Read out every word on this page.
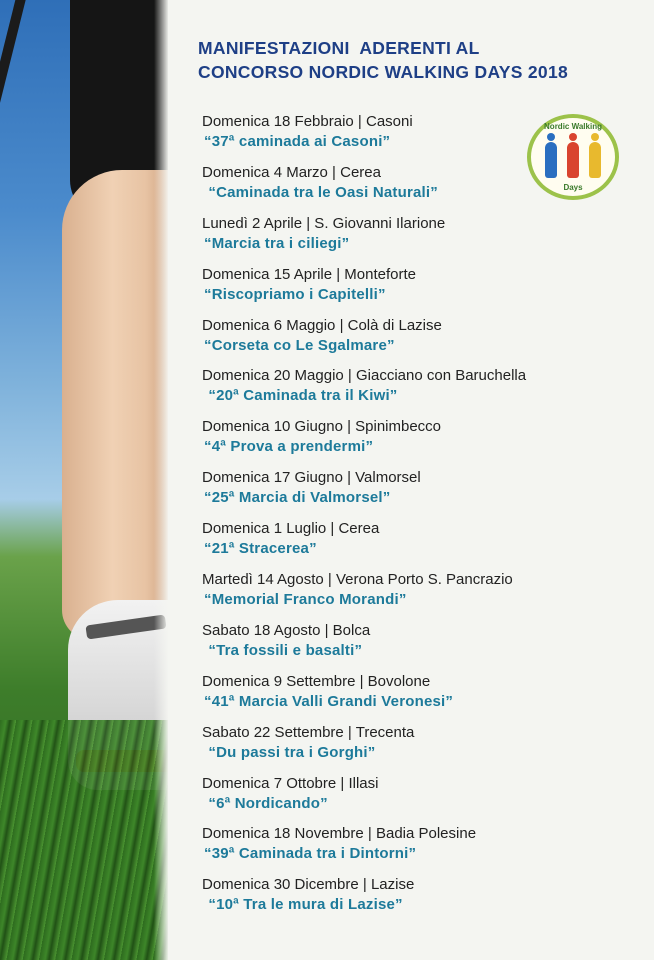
MANIFESTAZIONI  ADERENTI AL
CONCORSO NORDIC WALKING DAYS 2018
Nordic Walking
Days
Domenica 18 Febbraio | Casoni
“37ª caminada ai Casoni”
Domenica 4 Marzo | Cerea
“Caminada tra le Oasi Naturali”
Lunedì 2 Aprile | S. Giovanni Ilarione
“Marcia tra i ciliegi”
Domenica 15 Aprile | Monteforte
“Riscopriamo i Capitelli”
Domenica 6 Maggio | Colà di Lazise
“Corseta co Le Sgalmare”
Domenica 20 Maggio | Giacciano con Baruchella
“20ª Caminada tra il Kiwi”
Domenica 10 Giugno | Spinimbecco
“4ª Prova a prendermi”
Domenica 17 Giugno | Valmorsel
“25ª Marcia di Valmorsel”
Domenica 1 Luglio | Cerea
“21ª Stracerea”
Martedì 14 Agosto | Verona Porto S. Pancrazio
“Memorial Franco Morandi”
Sabato 18 Agosto | Bolca
“Tra fossili e basalti”
Domenica 9 Settembre | Bovolone
“41ª Marcia Valli Grandi Veronesi”
Sabato 22 Settembre | Trecenta
“Du passi tra i Gorghi”
Domenica 7 Ottobre | Illasi
“6ª Nordicando”
Domenica 18 Novembre | Badia Polesine
“39ª Caminada tra i Dintorni”
Domenica 30 Dicembre | Lazise
“10ª Tra le mura di Lazise”
